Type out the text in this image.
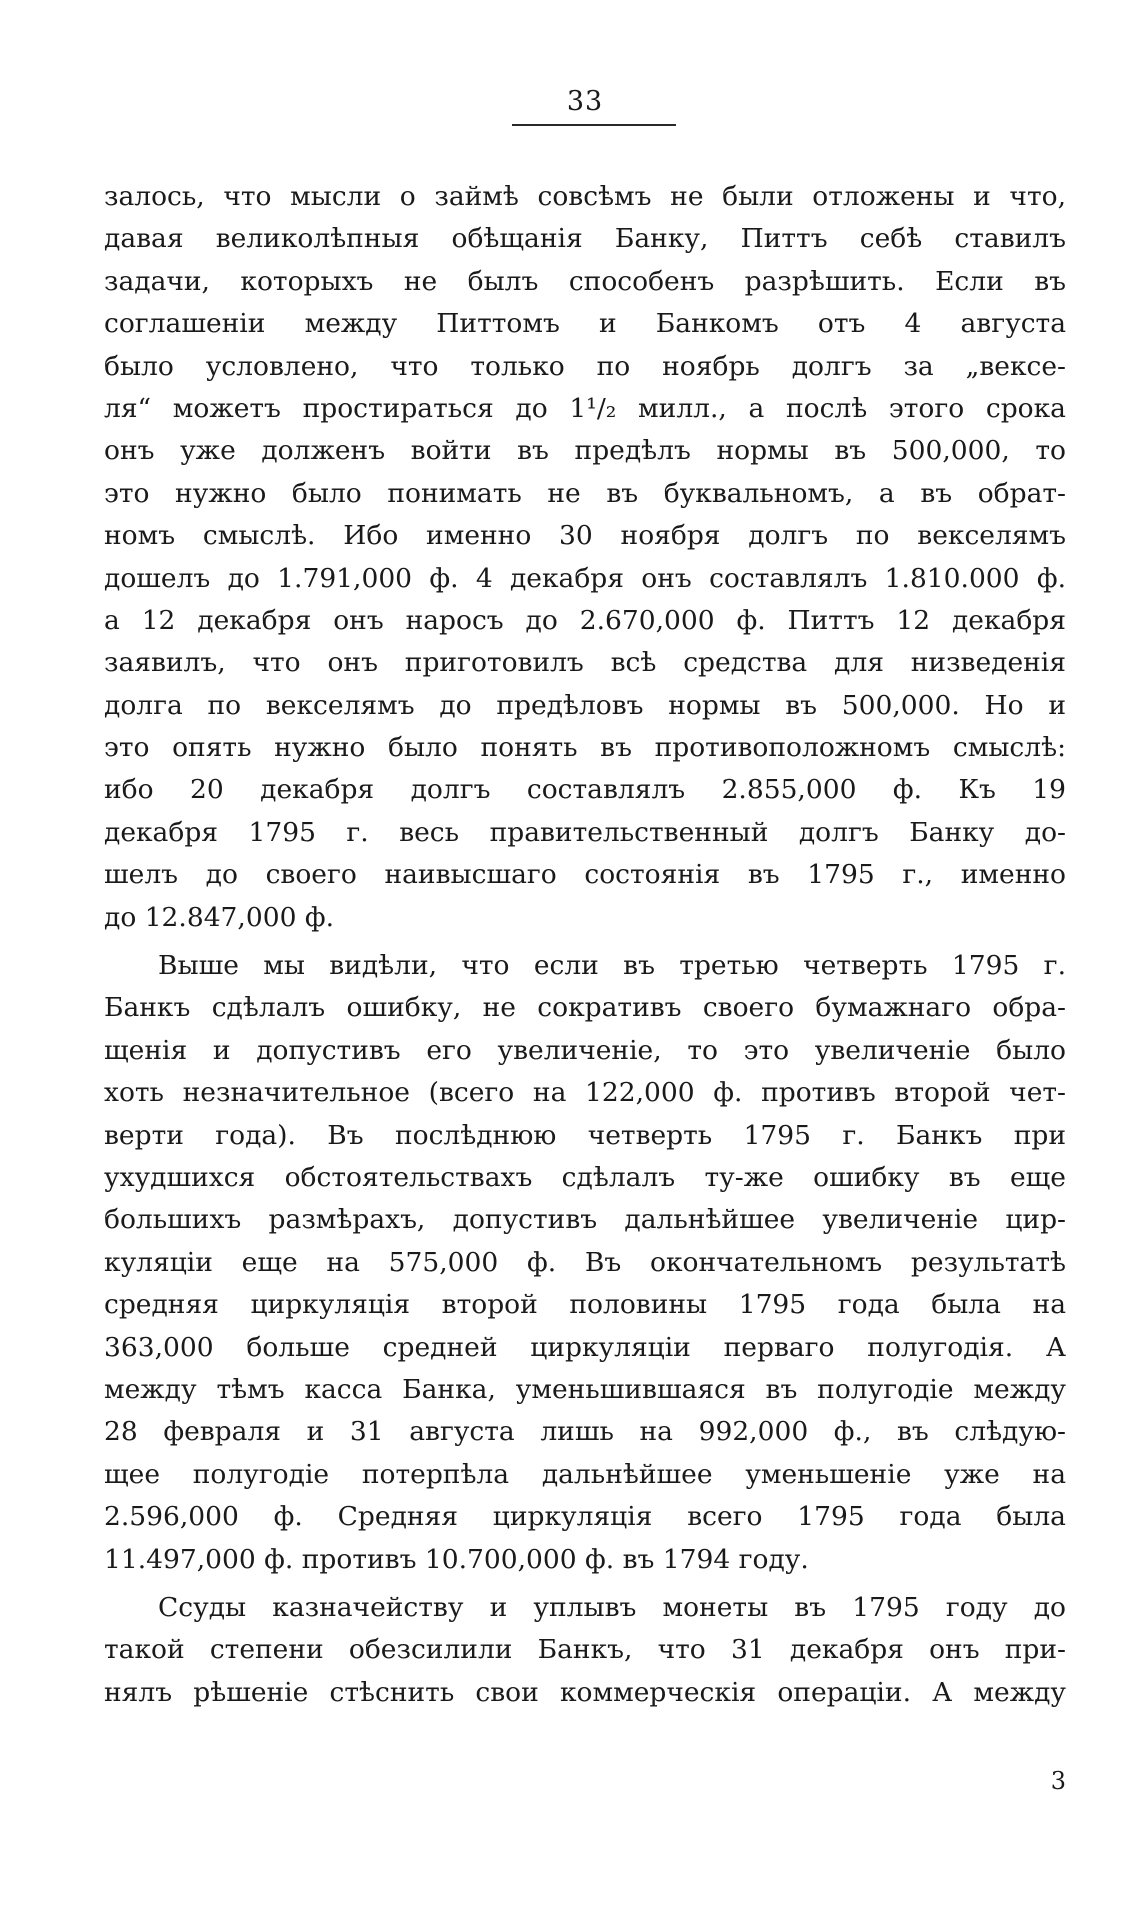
33
залось, что мысли о займѣ совсѣмъ не были отложены и что,
давая великолѣпныя обѣщанія Банку, Питтъ себѣ ставилъ
задачи, которыхъ не былъ способенъ разрѣшить. Если въ
соглашеніи между Питтомъ и Банкомъ отъ 4 августа
было условлено, что только по ноябрь долгъ за „вексе-
ля“ можетъ простираться до 1¹/₂ милл., а послѣ этого срока
онъ уже долженъ войти въ предѣлъ нормы въ 500,000, то
это нужно было понимать не въ буквальномъ, а въ обрат-
номъ смыслѣ. Ибо именно 30 ноября долгъ по векселямъ
дошелъ до 1.791,000 ф. 4 декабря онъ составлялъ 1.810.000 ф.
а 12 декабря онъ наросъ до 2.670,000 ф. Питтъ 12 декабря
заявилъ, что онъ приготовилъ всѣ средства для низведенія
долга по векселямъ до предѣловъ нормы въ 500,000. Но и
это опять нужно было понять въ противоположномъ смыслѣ:
ибо 20 декабря долгъ составлялъ 2.855,000 ф. Къ 19
декабря 1795 г. весь правительственный долгъ Банку до-
шелъ до своего наивысшаго состоянія въ 1795 г., именно
до 12.847,000 ф.
Выше мы видѣли, что если въ третью четверть 1795 г.
Банкъ сдѣлалъ ошибку, не сокративъ своего бумажнаго обра-
щенія и допустивъ его увеличеніе, то это увеличеніе было
хоть незначительное (всего на 122,000 ф. противъ второй чет-
верти года). Въ послѣднюю четверть 1795 г. Банкъ при
ухудшихся обстоятельствахъ сдѣлалъ ту-же ошибку въ еще
большихъ размѣрахъ, допустивъ дальнѣйшее увеличеніе цир-
куляціи еще на 575,000 ф. Въ окончательномъ результатѣ
средняя циркуляція второй половины 1795 года была на
363,000 больше средней циркуляціи перваго полугодія. А
между тѣмъ касса Банка, уменьшившаяся въ полугодіе между
28 февраля и 31 августа лишь на 992,000 ф., въ слѣдую-
щее полугодіе потерпѣла дальнѣйшее уменьшеніе уже на
2.596,000 ф. Средняя циркуляція всего 1795 года была
11.497,000 ф. противъ 10.700,000 ф. въ 1794 году.
Ссуды казначейству и уплывъ монеты въ 1795 году до
такой степени обезсилили Банкъ, что 31 декабря онъ при-
нялъ рѣшеніе стѣснить свои коммерческія операціи. А между
3
